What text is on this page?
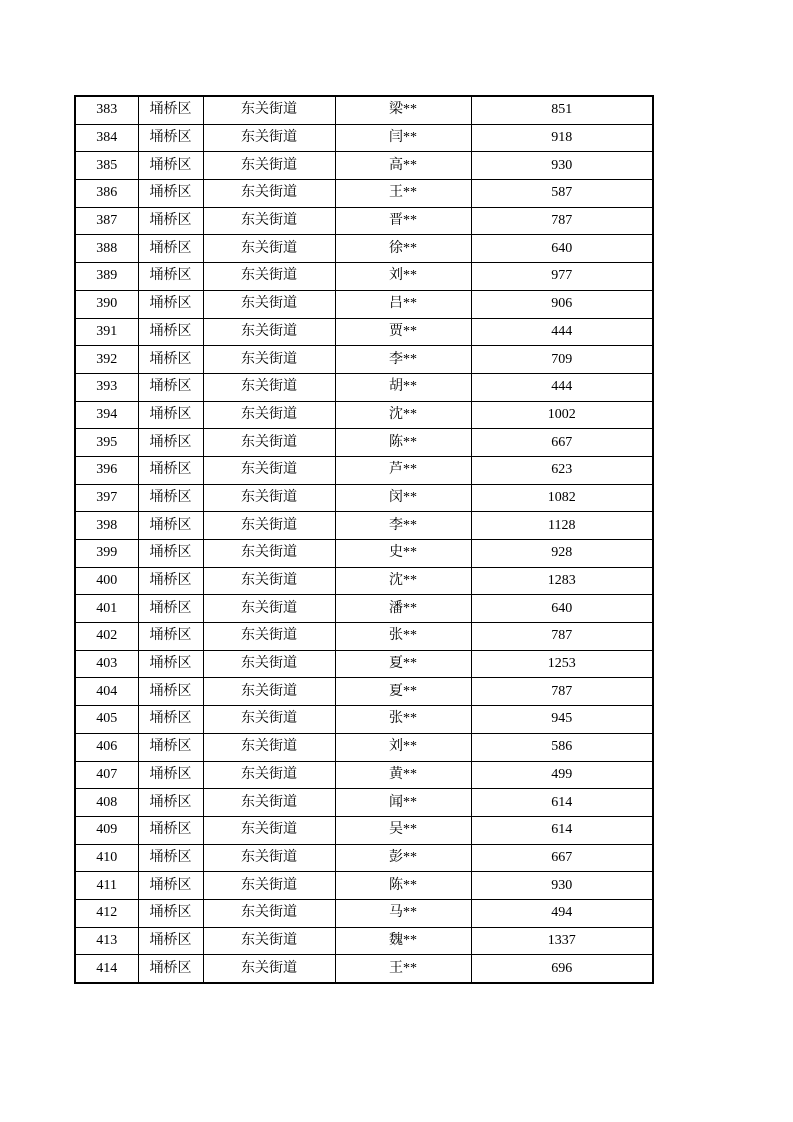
383	埇桥区	东关街道	梁**	851
384	埇桥区	东关街道	闫**	918
385	埇桥区	东关街道	高**	930
386	埇桥区	东关街道	王**	587
387	埇桥区	东关街道	晋**	787
388	埇桥区	东关街道	徐**	640
389	埇桥区	东关街道	刘**	977
390	埇桥区	东关街道	吕**	906
391	埇桥区	东关街道	贾**	444
392	埇桥区	东关街道	李**	709
393	埇桥区	东关街道	胡**	444
394	埇桥区	东关街道	沈**	1002
395	埇桥区	东关街道	陈**	667
396	埇桥区	东关街道	芦**	623
397	埇桥区	东关街道	闵**	1082
398	埇桥区	东关街道	李**	1128
399	埇桥区	东关街道	史**	928
400	埇桥区	东关街道	沈**	1283
401	埇桥区	东关街道	潘**	640
402	埇桥区	东关街道	张**	787
403	埇桥区	东关街道	夏**	1253
404	埇桥区	东关街道	夏**	787
405	埇桥区	东关街道	张**	945
406	埇桥区	东关街道	刘**	586
407	埇桥区	东关街道	黄**	499
408	埇桥区	东关街道	闻**	614
409	埇桥区	东关街道	吴**	614
410	埇桥区	东关街道	彭**	667
411	埇桥区	东关街道	陈**	930
412	埇桥区	东关街道	马**	494
413	埇桥区	东关街道	魏**	1337
414	埇桥区	东关街道	王**	696
